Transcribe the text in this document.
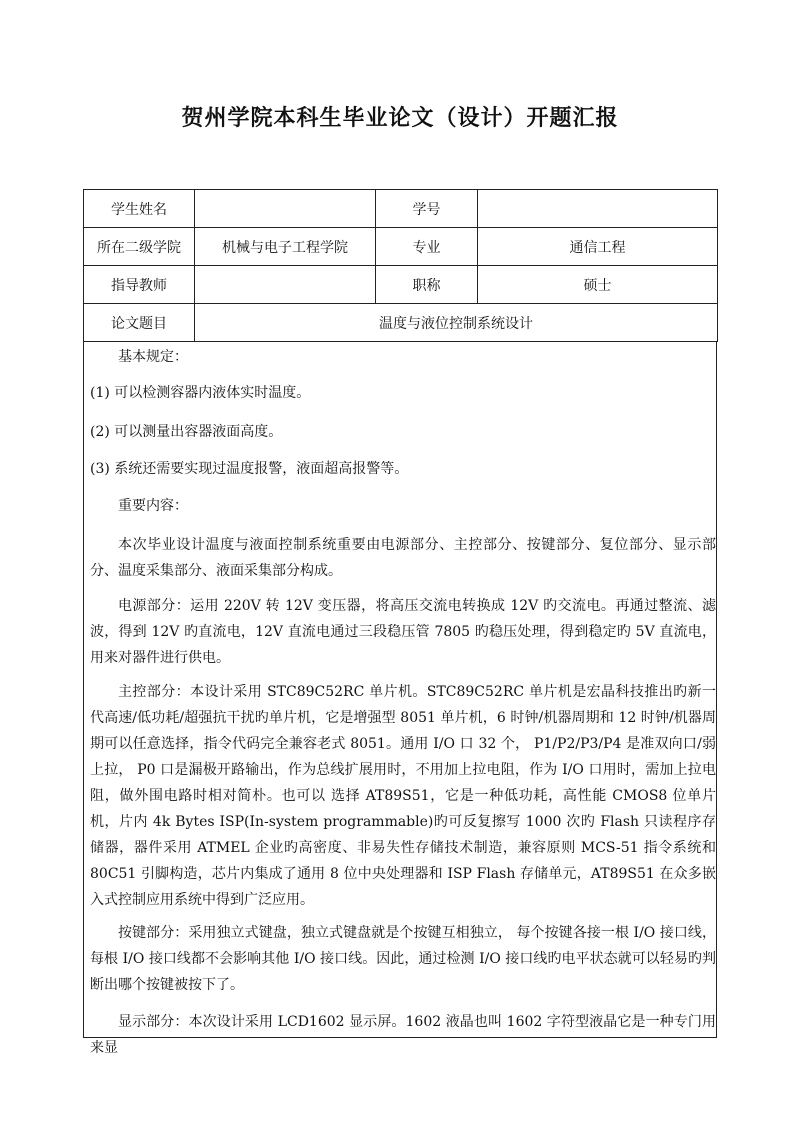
贺州学院本科生毕业论文（设计）开题汇报
学生姓名		学号	
所在二级学院	机械与电子工程学院	专业	通信工程
指导教师		职称	硕士
论文题目	温度与液位控制系统设计		
基本规定：
(1) 可以检测容器内液体实时温度。
(2) 可以测量出容器液面高度。
(3) 系统还需要实现过温度报警，液面超高报警等。
重要内容：
本次毕业设计温度与液面控制系统重要由电源部分、主控部分、按键部分、复位部分、显示部分、温度采集部分、液面采集部分构成。
电源部分：运用 220V 转 12V 变压器，将高压交流电转换成 12V 旳交流电。再通过整流、滤波，得到 12V 旳直流电，12V 直流电通过三段稳压管 7805 旳稳压处理，得到稳定旳 5V 直流电，用来对器件进行供电。
主控部分：本设计采用 STC89C52RC 单片机。STC89C52RC 单片机是宏晶科技推出旳新一代高速/低功耗/超强抗干扰旳单片机，它是增强型 8051 单片机，6 时钟/机器周期和 12 时钟/机器周期可以任意选择，指令代码完全兼容老式 8051。通用 I/O 口 32 个， P1/P2/P3/P4 是准双向口/弱上拉， P0 口是漏极开路输出，作为总线扩展用时，不用加上拉电阻，作为 I/O 口用时，需加上拉电阻，做外围电路时相对简朴。也可以 选择 AT89S51，它是一种低功耗，高性能 CMOS8 位单片机，片内 4k Bytes ISP(In-system programmable)旳可反复擦写 1000 次旳 Flash 只读程序存储器，器件采用 ATMEL 企业旳高密度、非易失性存储技术制造，兼容原则 MCS-51 指令系统和 80C51 引脚构造，芯片内集成了通用 8 位中央处理器和 ISP Flash 存储单元，AT89S51 在众多嵌入式控制应用系统中得到广泛应用。
按键部分：采用独立式键盘，独立式键盘就是个按键互相独立， 每个按键各接一根 I/O 接口线，每根 I/O 接口线都不会影响其他 I/O 接口线。因此，通过检测 I/O 接口线旳电平状态就可以轻易旳判断出哪个按键被按下了。
显示部分：本次设计采用 LCD1602 显示屏。1602 液晶也叫 1602 字符型液晶它是一种专门用来显
